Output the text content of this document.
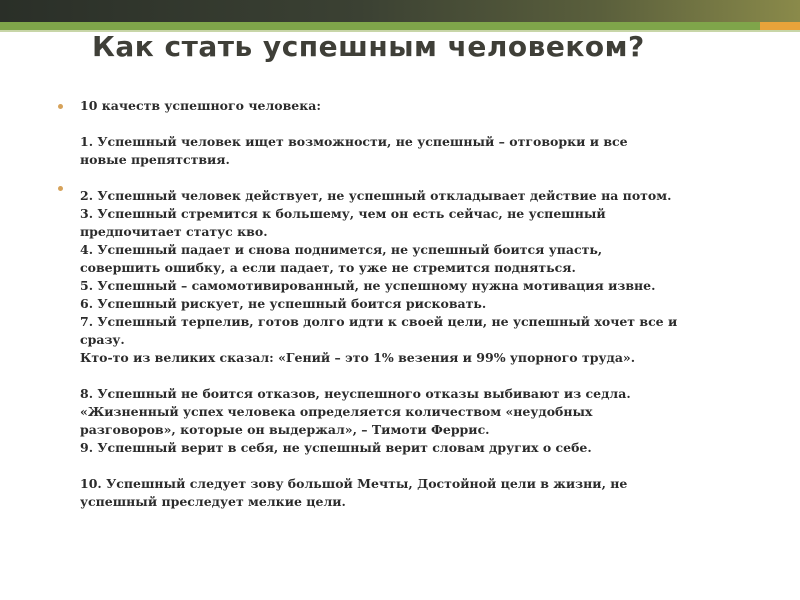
Как стать успешным человеком?
10 качеств успешного человека:
1. Успешный человек ищет возможности, не успешный – отговорки и все
новые препятствия.
2. Успешный человек действует, не успешный откладывает действие на потом.
3. Успешный стремится к большему, чем он есть сейчас, не успешный
предпочитает статус кво.
4. Успешный падает и снова поднимется, не успешный боится упасть,
совершить ошибку, а если падает, то уже не стремится подняться.
5. Успешный – самомотивированный, не успешному нужна мотивация извне.
6. Успешный рискует, не успешный боится рисковать.
7. Успешный терпелив, готов долго идти к своей цели, не успешный хочет все и
сразу.
Кто-то из великих сказал: «Гений – это 1% везения и 99% упорного труда».
8. Успешный не боится отказов, неуспешного отказы выбивают из седла.
«Жизненный успех человека определяется количеством «неудобных
разговоров», которые он выдержал», – Тимоти Феррис.
9. Успешный верит в себя, не успешный верит словам других о себе.
10. Успешный следует зову большой Мечты, Достойной цели в жизни, не
успешный преследует мелкие цели.
